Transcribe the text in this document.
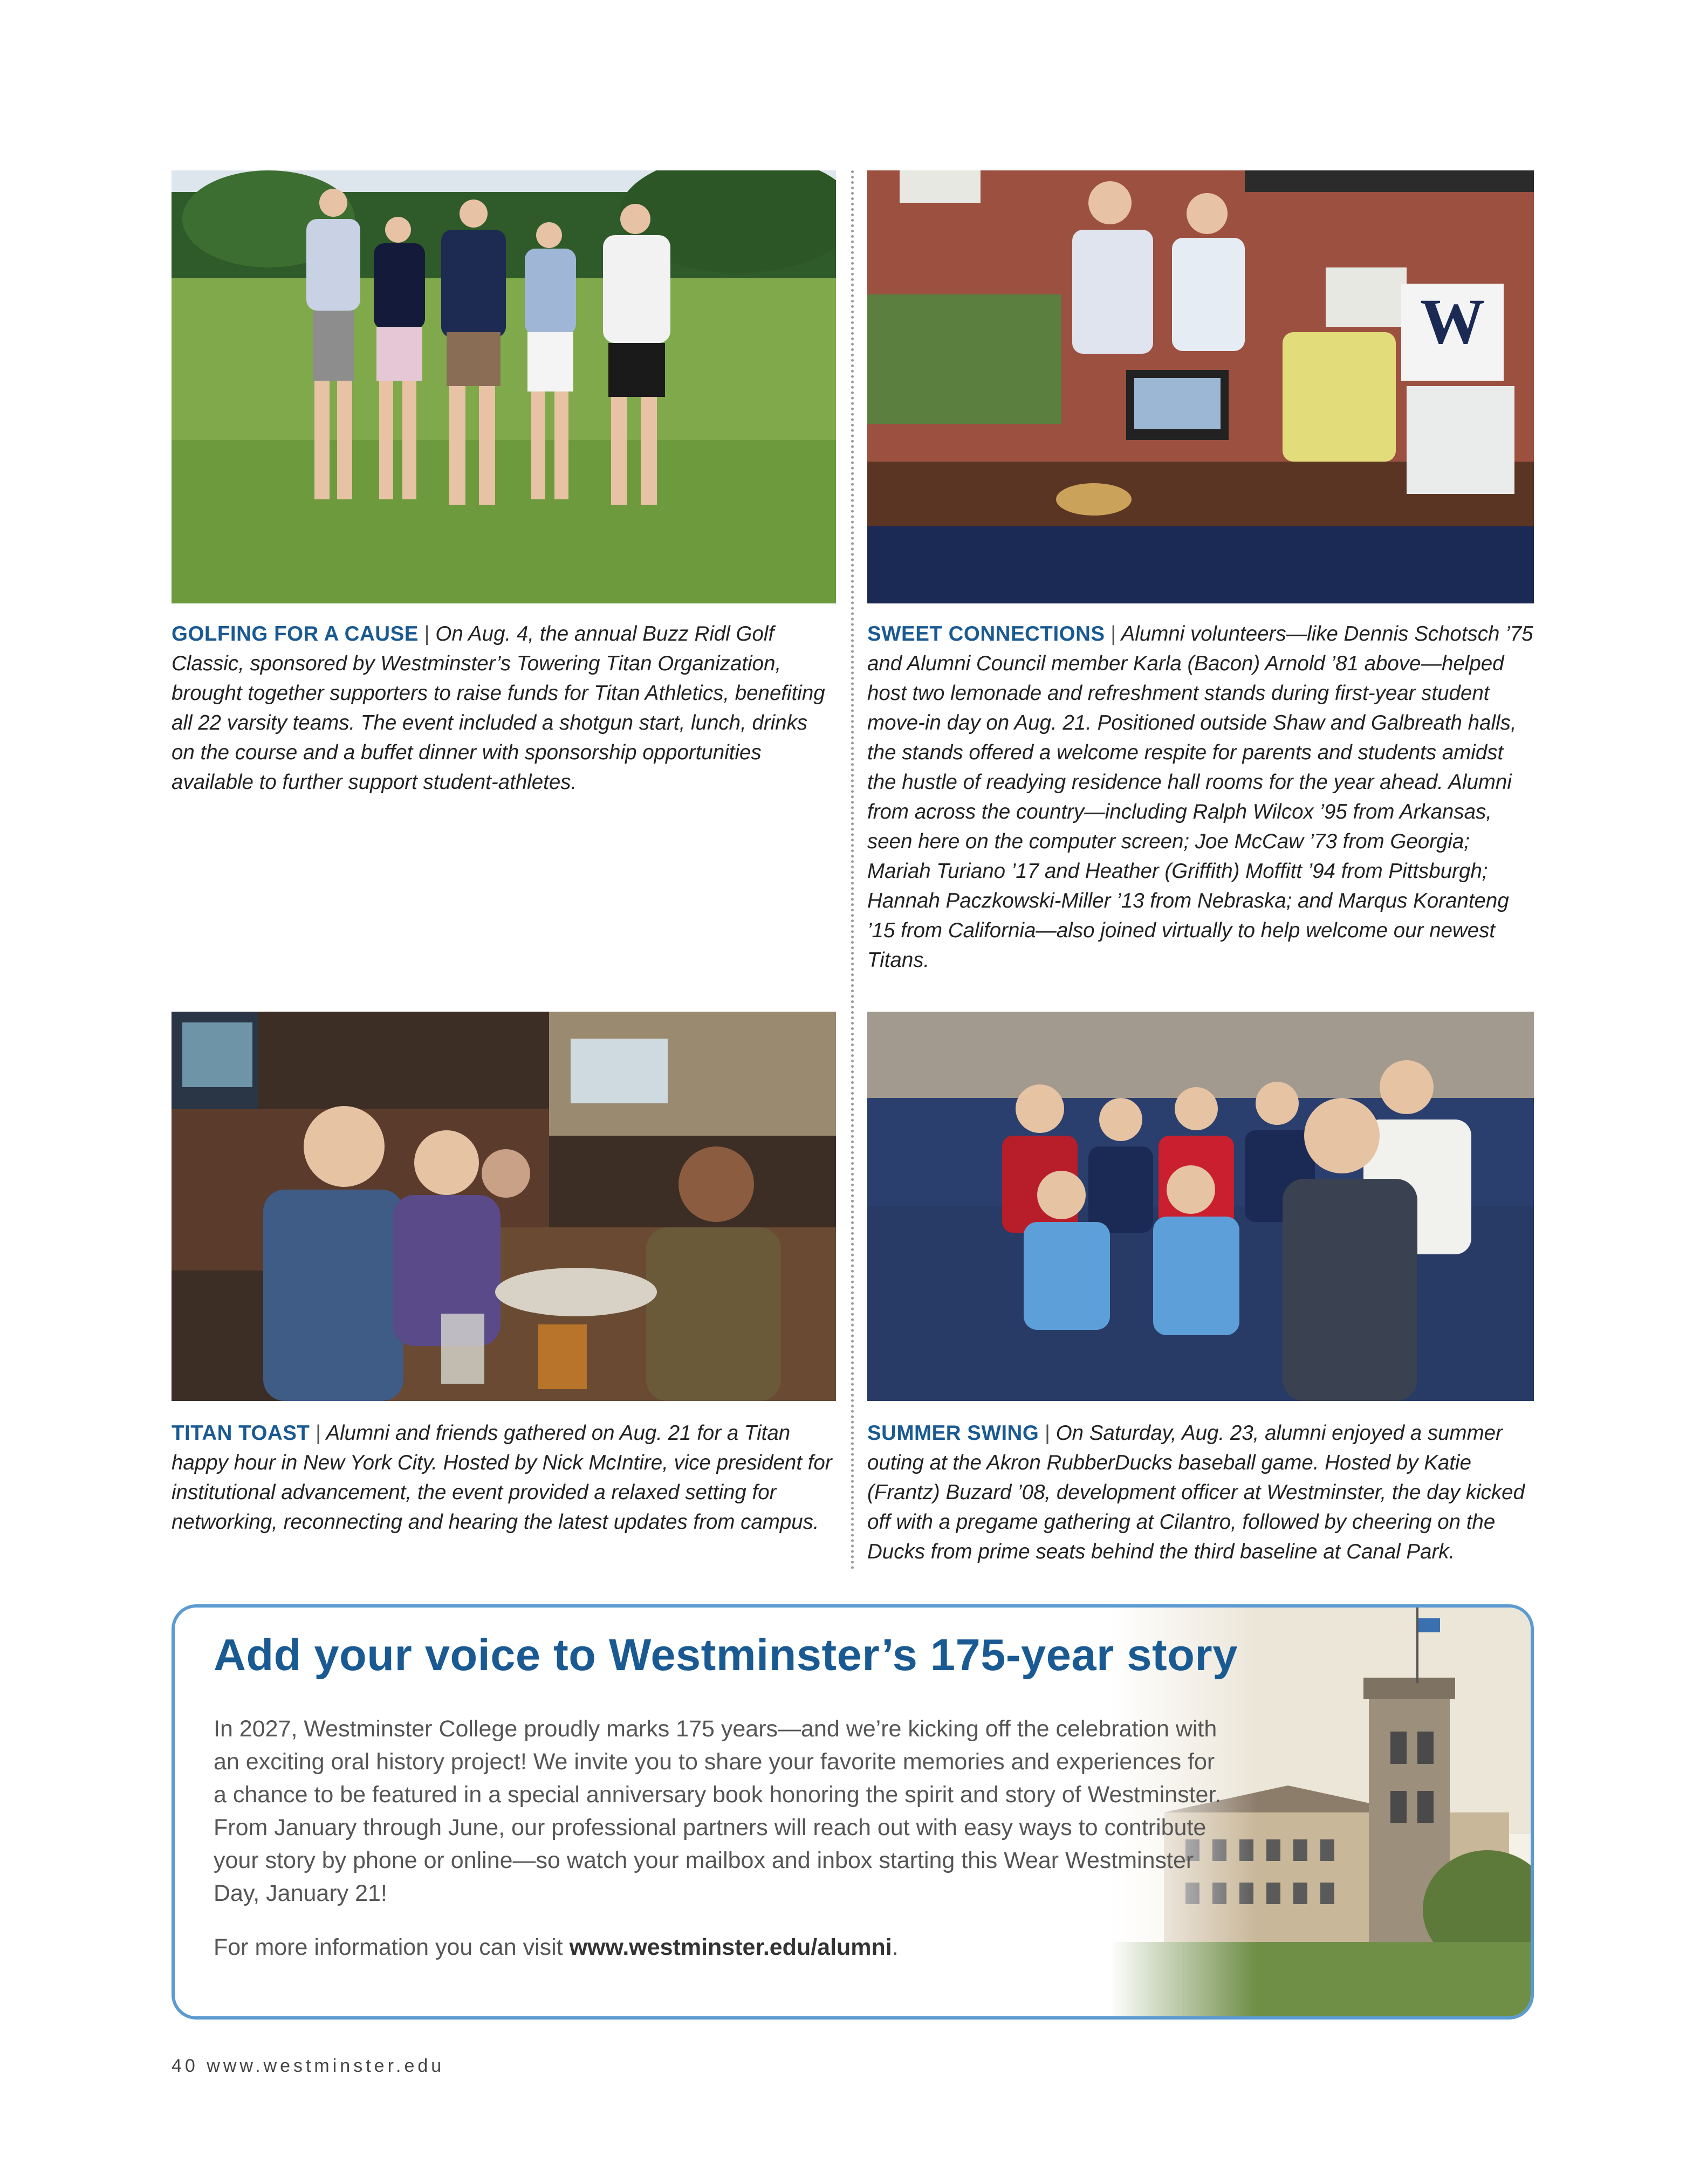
W

GOLFING FOR A CAUSE | On Aug. 4, the annual Buzz Ridl Golf Classic, sponsored by Westminster’s Towering Titan Organization, brought together supporters to raise funds for Titan Athletics, benefiting all 22 varsity teams. The event included a shotgun start, lunch, drinks on the course and a buffet dinner with sponsorship opportunities available to further support student-athletes.

SWEET CONNECTIONS | Alumni volunteers—like Dennis Schotsch ’75 and Alumni Council member Karla (Bacon) Arnold ’81 above—helped host two lemonade and refreshment stands during first-year student move-in day on Aug. 21. Positioned outside Shaw and Galbreath halls, the stands offered a welcome respite for parents and students amidst the hustle of readying residence hall rooms for the year ahead. Alumni from across the country—including Ralph Wilcox ’95 from Arkansas, seen here on the computer screen; Joe McCaw ’73 from Georgia; Mariah Turiano ’17 and Heather (Griffith) Moffitt ’94 from Pittsburgh; Hannah Paczkowski-Miller ’13 from Nebraska; and Marqus Koranteng ’15 from California—also joined virtually to help welcome our newest Titans.

TITAN TOAST | Alumni and friends gathered on Aug. 21 for a Titan happy hour in New York City. Hosted by Nick McIntire, vice president for institutional advancement, the event provided a relaxed setting for networking, reconnecting and hearing the latest updates from campus.

SUMMER SWING | On Saturday, Aug. 23, alumni enjoyed a summer outing at the Akron RubberDucks baseball game. Hosted by Katie (Frantz) Buzard ’08, development officer at Westminster, the day kicked off with a pregame gathering at Cilantro, followed by cheering on the Ducks from prime seats behind the third baseline at Canal Park.

Add your voice to Westminster’s 175-year story

In 2027, Westminster College proudly marks 175 years—and we’re kicking off the celebration with an exciting oral history project! We invite you to share your favorite memories and experiences for a chance to be featured in a special anniversary book honoring the spirit and story of Westminster. From January through June, our professional partners will reach out with easy ways to contribute your story by phone or online—so watch your mailbox and inbox starting this Wear Westminster Day, January 21!

For more information you can visit www.westminster.edu/alumni.

40 www.westminster.edu
